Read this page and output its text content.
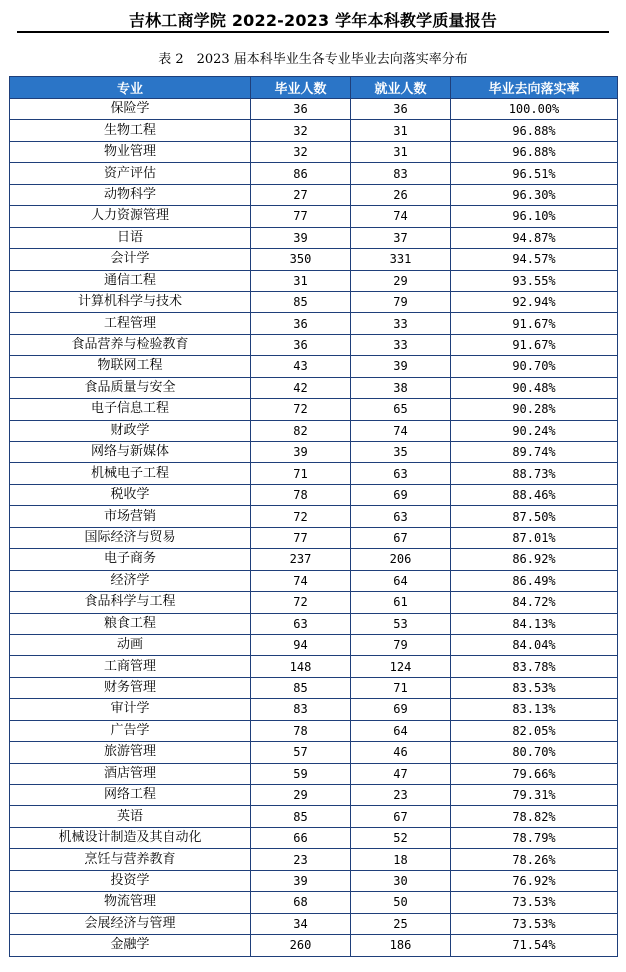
吉林工商学院 2022-2023 学年本科教学质量报告
表 2　2023 届本科毕业生各专业毕业去向落实率分布
专业	毕业人数	就业人数	毕业去向落实率
保险学	36	36	100.00%
生物工程	32	31	96.88%
物业管理	32	31	96.88%
资产评估	86	83	96.51%
动物科学	27	26	96.30%
人力资源管理	77	74	96.10%
日语	39	37	94.87%
会计学	350	331	94.57%
通信工程	31	29	93.55%
计算机科学与技术	85	79	92.94%
工程管理	36	33	91.67%
食品营养与检验教育	36	33	91.67%
物联网工程	43	39	90.70%
食品质量与安全	42	38	90.48%
电子信息工程	72	65	90.28%
财政学	82	74	90.24%
网络与新媒体	39	35	89.74%
机械电子工程	71	63	88.73%
税收学	78	69	88.46%
市场营销	72	63	87.50%
国际经济与贸易	77	67	87.01%
电子商务	237	206	86.92%
经济学	74	64	86.49%
食品科学与工程	72	61	84.72%
粮食工程	63	53	84.13%
动画	94	79	84.04%
工商管理	148	124	83.78%
财务管理	85	71	83.53%
审计学	83	69	83.13%
广告学	78	64	82.05%
旅游管理	57	46	80.70%
酒店管理	59	47	79.66%
网络工程	29	23	79.31%
英语	85	67	78.82%
机械设计制造及其自动化	66	52	78.79%
烹饪与营养教育	23	18	78.26%
投资学	39	30	76.92%
物流管理	68	50	73.53%
会展经济与管理	34	25	73.53%
金融学	260	186	71.54%
